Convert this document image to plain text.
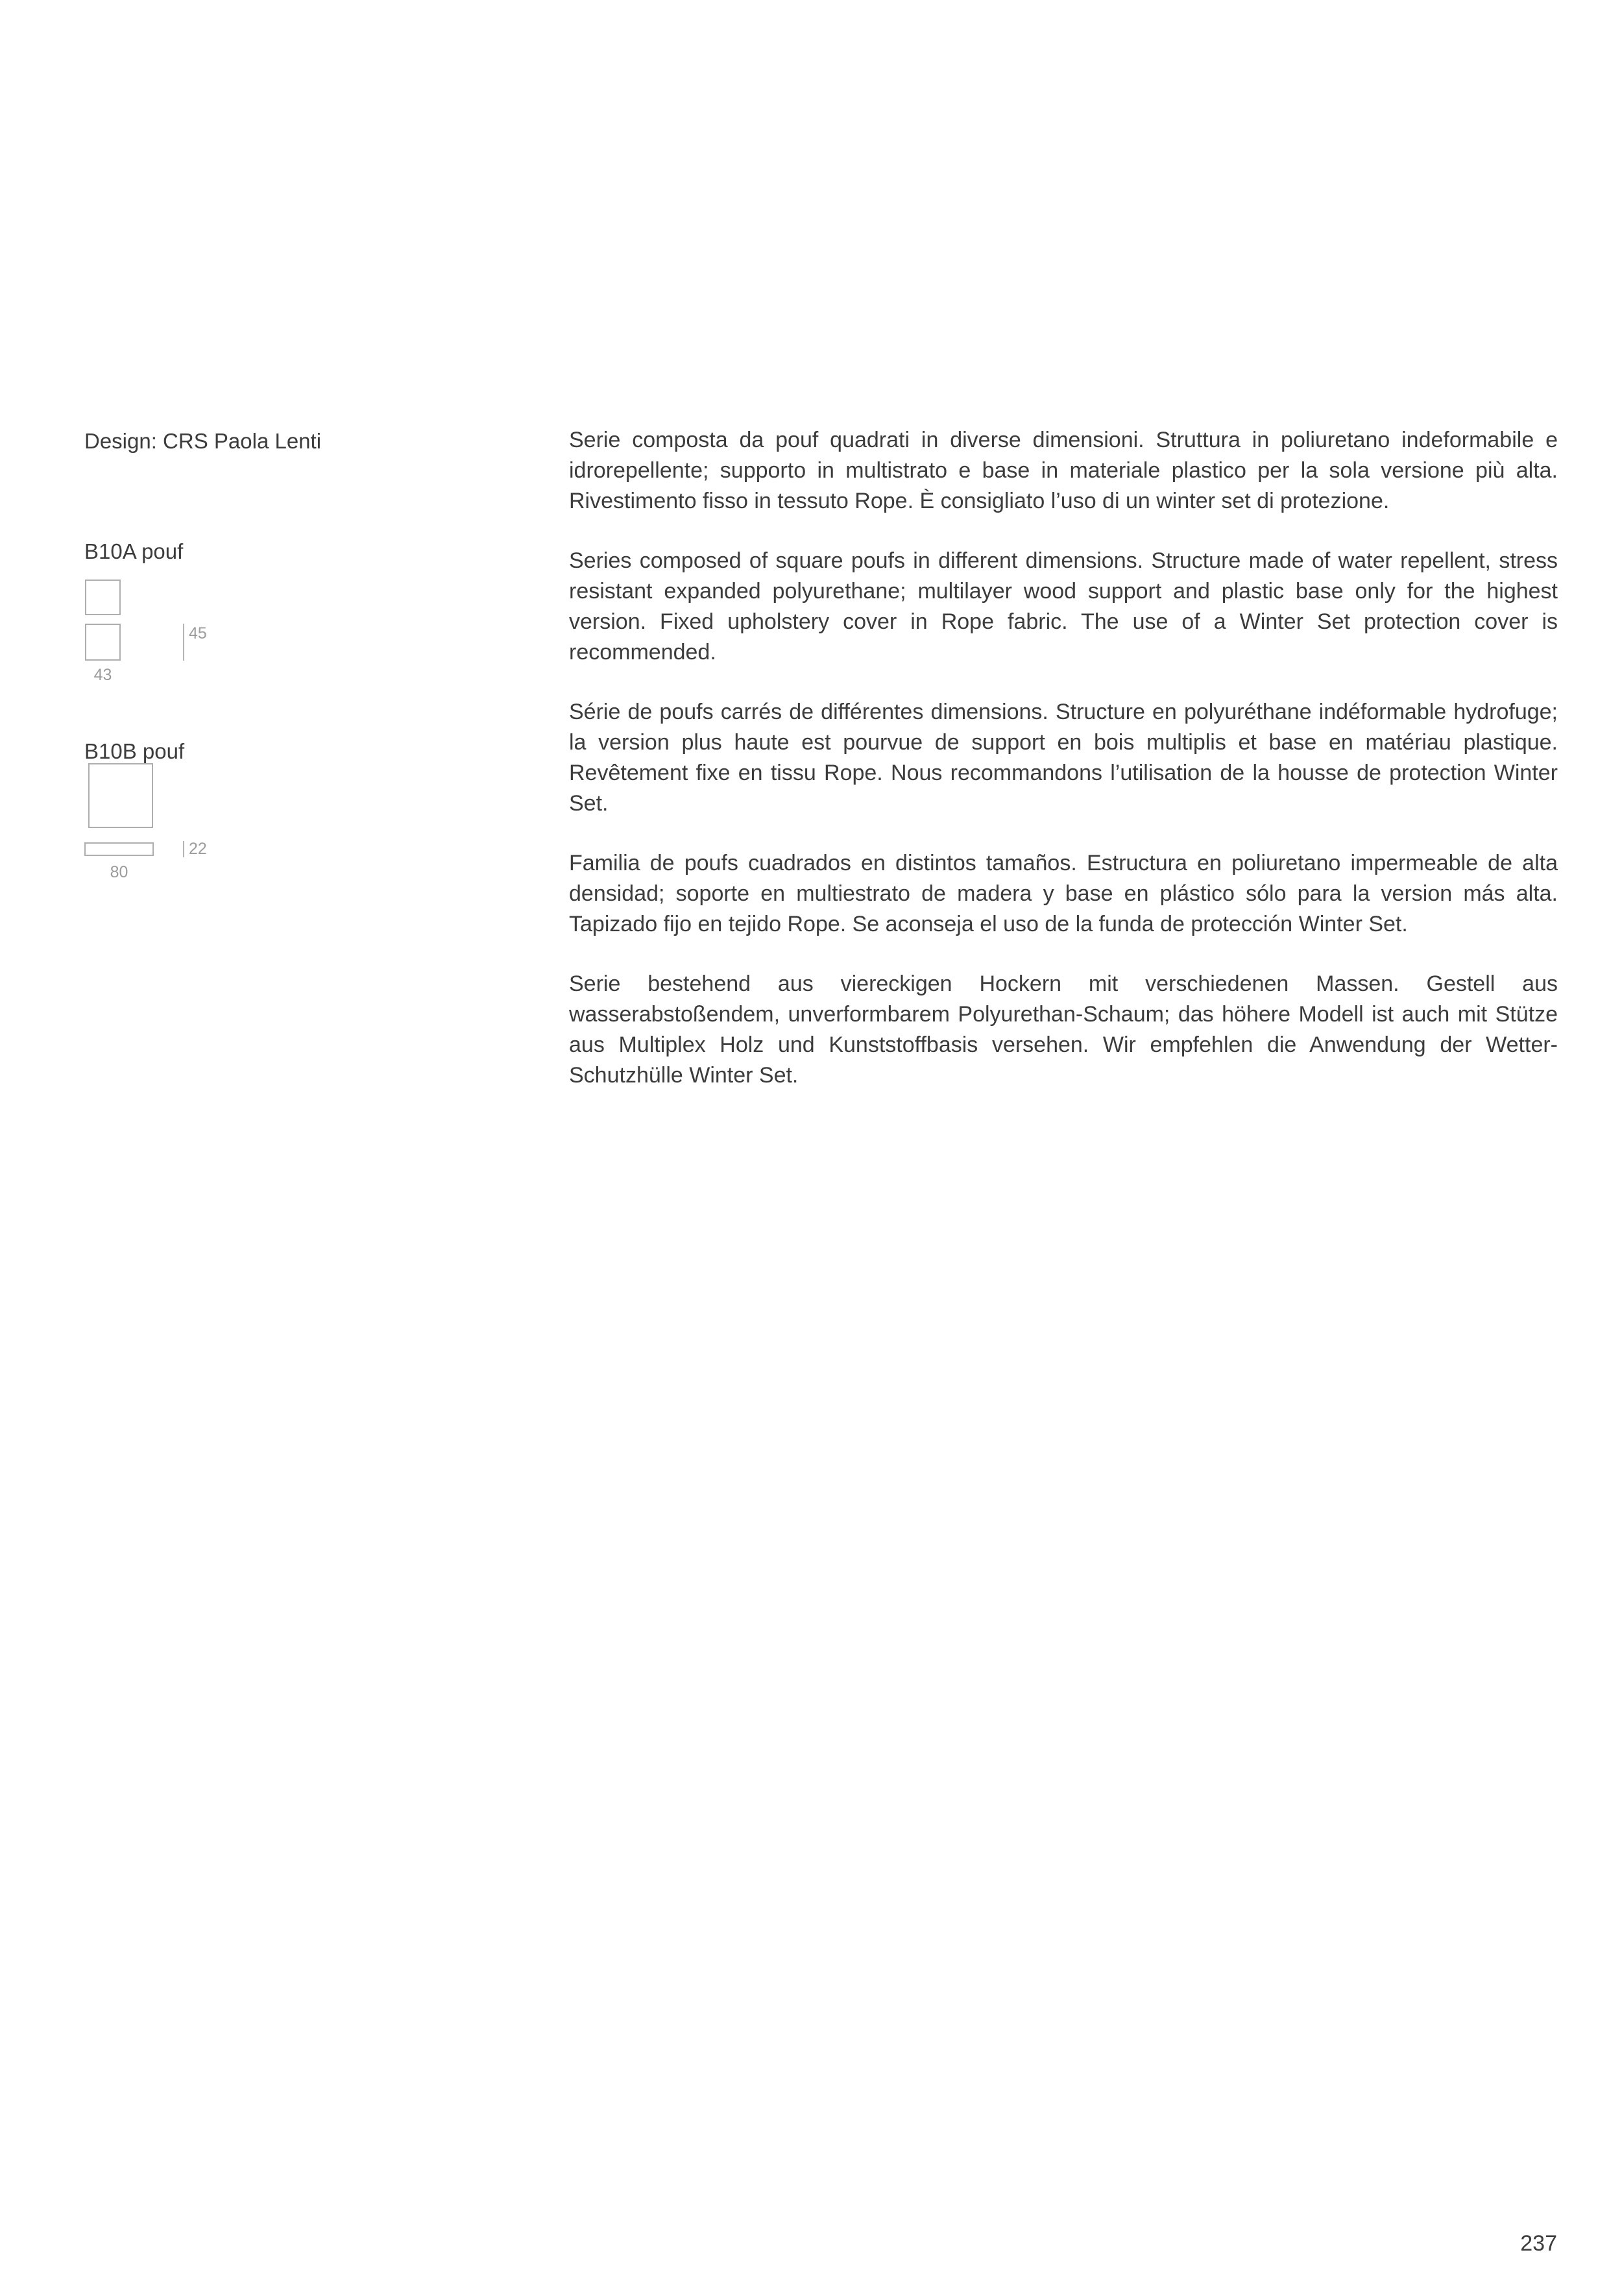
Design: CRS Paola Lenti
B10A pouf
45
43
B10B pouf
22
80

Serie composta da pouf quadrati in diverse dimensioni. Struttura in poliuretano indeformabile e idrorepellente; supporto in multistrato e base in materiale plastico per la sola versione più alta. Rivestimento fisso in tessuto Rope. È consigliato l’uso di un winter set di protezione.

Series composed of square poufs in different dimensions. Structure made of water repellent, stress resistant expanded polyurethane; multilayer wood support and plastic base only for the highest version. Fixed upholstery cover in Rope fabric. The use of a Winter Set protection cover is recommended.

Série de poufs carrés de différentes dimensions. Structure en polyuréthane indéformable hydrofuge; la version plus haute est pourvue de support en bois multiplis et base en matériau plastique. Revêtement fixe en tissu Rope. Nous recommandons l’utilisation de la housse de protection Winter Set.

Familia de poufs cuadrados en distintos tamaños. Estructura en poliuretano impermeable de alta densidad; soporte en multiestrato de madera y base en plástico sólo para la version más alta. Tapizado fijo en tejido Rope. Se aconseja el uso de la funda de protección Winter Set.

Serie bestehend aus viereckigen Hockern mit verschiedenen Massen. Gestell aus wasserabstoßendem, unverformbarem Polyurethan-Schaum; das höhere Modell ist auch mit Stütze aus Multiplex Holz und Kunststoffbasis versehen. Wir empfehlen die Anwendung der Wetter-Schutzhülle Winter Set.

237
